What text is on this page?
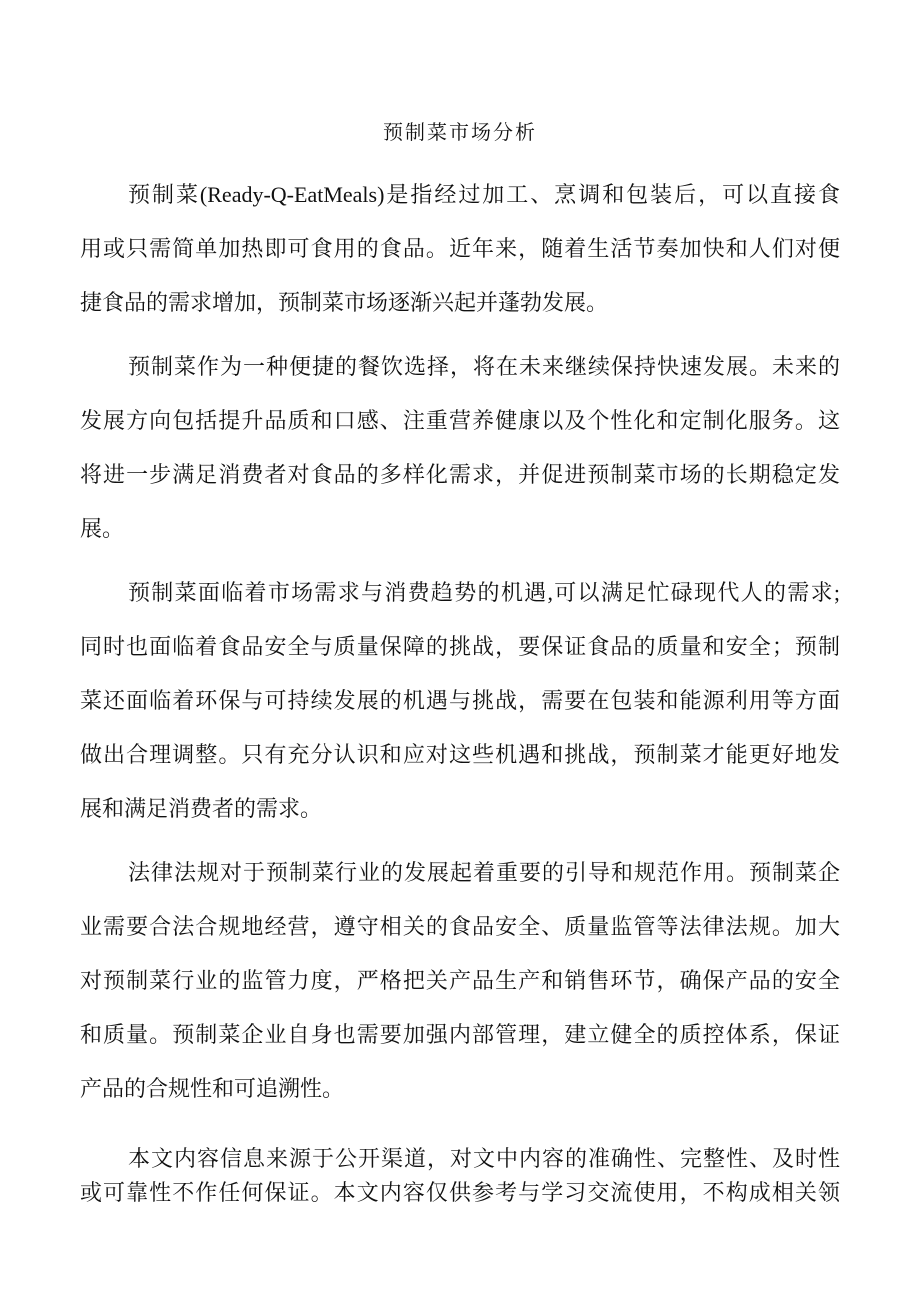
预制菜市场分析
预制菜(Ready-Q-EatMeals)是指经过加工、烹调和包装后，可以直接食
用或只需简单加热即可食用的食品。近年来，随着生活节奏加快和人们对便
捷食品的需求增加，预制菜市场逐渐兴起并蓬勃发展。
预制菜作为一种便捷的餐饮选择，将在未来继续保持快速发展。未来的
发展方向包括提升品质和口感、注重营养健康以及个性化和定制化服务。这
将进一步满足消费者对食品的多样化需求，并促进预制菜市场的长期稳定发
展。
预制菜面临着市场需求与消费趋势的机遇,可以满足忙碌现代人的需求;
同时也面临着食品安全与质量保障的挑战，要保证食品的质量和安全；预制
菜还面临着环保与可持续发展的机遇与挑战，需要在包装和能源利用等方面
做出合理调整。只有充分认识和应对这些机遇和挑战，预制菜才能更好地发
展和满足消费者的需求。
法律法规对于预制菜行业的发展起着重要的引导和规范作用。预制菜企
业需要合法合规地经营，遵守相关的食品安全、质量监管等法律法规。加大
对预制菜行业的监管力度，严格把关产品生产和销售环节，确保产品的安全
和质量。预制菜企业自身也需要加强内部管理，建立健全的质控体系，保证
产品的合规性和可追溯性。
本文内容信息来源于公开渠道，对文中内容的准确性、完整性、及时性
或可靠性不作任何保证。本文内容仅供参考与学习交流使用，不构成相关领
